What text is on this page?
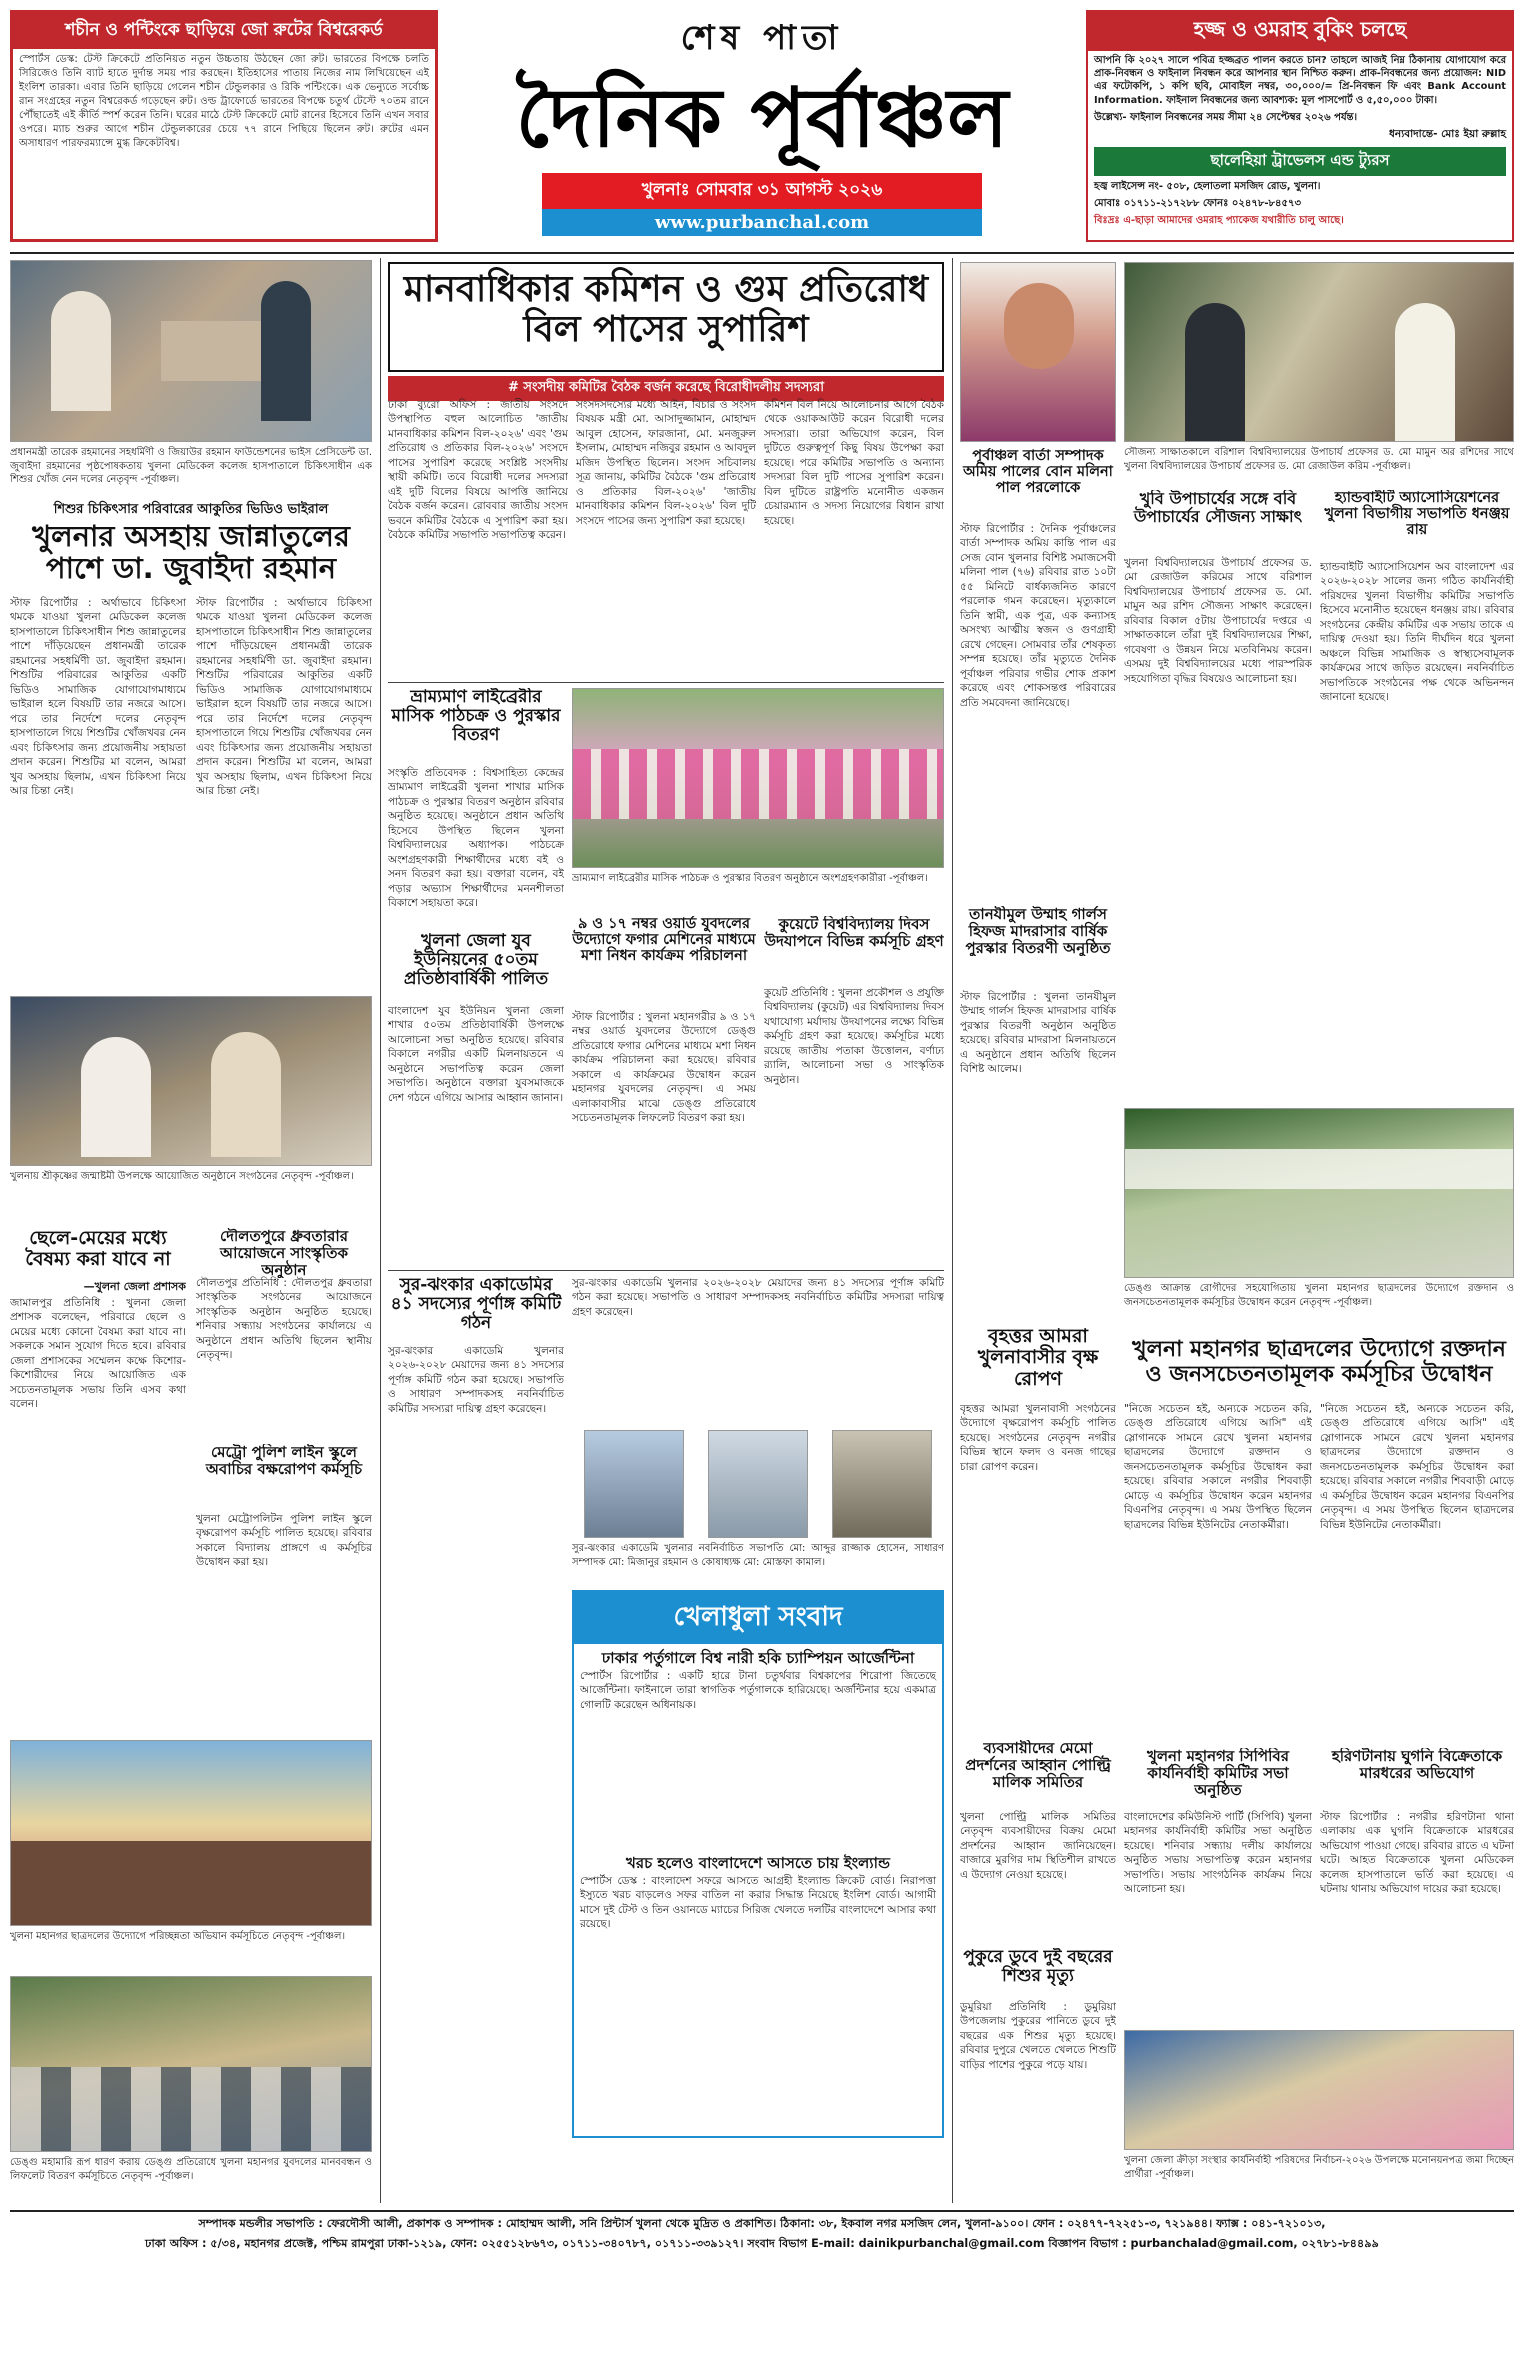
শচীন ও পন্টিংকে ছাড়িয়ে জো রুটের বিশ্বরেকর্ড
স্পোর্টস ডেস্ক: টেস্ট ক্রিকেটে প্রতিনিয়ত নতুন উচ্চতায় উঠছেন জো রুট। ভারতের বিপক্ষে চলতি সিরিজেও তিনি ব্যাট হাতে দুর্দান্ত সময় পার করছেন। ইতিহাসের পাতায় নিজের নাম লিখিয়েছেন এই ইংলিশ তারকা। এবার তিনি ছাড়িয়ে গেলেন শচীন টেন্ডুলকার ও রিকি পন্টিংকে। এক ভেন্যুতে সর্বোচ্চ রান সংগ্রহের নতুন বিশ্বরেকর্ড গড়েছেন রুট। ওল্ড ট্রাফোর্ডে ভারতের বিপক্ষে চতুর্থ টেস্টে ৭০তম রানে পৌঁছাতেই এই কীর্তি স্পর্শ করেন তিনি। ঘরের মাঠে টেস্ট ক্রিকেটে মোট রানের হিসেবে তিনি এখন সবার ওপরে। ম্যাচ শুরুর আগে শচীন টেন্ডুলকারের চেয়ে ৭৭ রানে পিছিয়ে ছিলেন রুট। রুটের এমন অসাধারণ পারফরম্যান্সে মুগ্ধ ক্রিকেটবিশ্ব।
শেষ পাতা
দৈনিক পূর্বাঞ্চল
খুলনাঃ সোমবার ৩১ আগস্ট ২০২৬
www.purbanchal.com
হজ্জ ও ওমরাহ বুকিং চলছে
আপনি কি ২০২৭ সালে পবিত্র হজ্জব্রত পালন করতে চান? তাহলে আজই নিম্ন ঠিকানায় যোগাযোগ করে প্রাক-নিবন্ধন ও ফাইনাল নিবন্ধন করে আপনার স্থান নিশ্চিত করুন। প্রাক-নিবন্ধনের জন্য প্রয়োজন: NID এর ফটোকপি, ১ কপি ছবি, মোবাইল নম্বর, ৩০,০০০/= প্রি-নিবন্ধন ফি এবং Bank Account Information. ফাইনাল নিবন্ধনের জন্য আবশ্যক: মূল পাসপোর্ট ও ৫,৫০,০০০ টাকা।
উল্লেখ্য- ফাইনাল নিবন্ধনের সময় সীমা ২৪ সেপ্টেম্বর ২০২৬ পর্যন্ত।
ধন্যবাদান্তে- মোঃ ইয়া রুল্লাহ
ছালেহিয়া ট্রাভেলস এন্ড ট্যুরস
হজ্ব লাইসেন্স নং- ৫০৮, হেলাতলা মসজিদ রোড, খুলনা।
মোবাঃ ০১৭১১-২১৭২৮৮ ফোনঃ ০২৪৭৮-৮৪৫৭৩
বিঃদ্রঃ এ-ছাড়া আমাদের ওমরাহ প্যাকেজ যথারীতি চালু আছে।
প্রধানমন্ত্রী তারেক রহমানের সহধর্মিণী ও জিয়াউর রহমান ফাউন্ডেশনের ভাইস প্রেসিডেন্ট ডা. জুবাইদা রহমানের পৃষ্ঠপোষকতায় খুলনা মেডিকেল কলেজ হাসপাতালে চিকিৎসাধীন এক শিশুর খোঁজ নেন দলের নেতৃবৃন্দ -পূর্বাঞ্চল।
শিশুর চিকিৎসার পরিবারের আকুতির ভিডিও ভাইরাল
খুলনার অসহায় জান্নাতুলের পাশে ডা. জুবাইদা রহমান
স্টাফ রিপোর্টার : অর্থাভাবে চিকিৎসা থমকে যাওয়া খুলনা মেডিকেল কলেজ হাসপাতালে চিকিৎসাধীন শিশু জান্নাতুলের পাশে দাঁড়িয়েছেন প্রধানমন্ত্রী তারেক রহমানের সহধর্মিণী ডা. জুবাইদা রহমান। শিশুটির পরিবারের আকুতির একটি ভিডিও সামাজিক যোগাযোগমাধ্যমে ভাইরাল হলে বিষয়টি তার নজরে আসে। পরে তার নির্দেশে দলের নেতৃবৃন্দ হাসপাতালে গিয়ে শিশুটির খোঁজখবর নেন এবং চিকিৎসার জন্য প্রয়োজনীয় সহায়তা প্রদান করেন। শিশুটির মা বলেন, আমরা খুব অসহায় ছিলাম, এখন চিকিৎসা নিয়ে আর চিন্তা নেই।
স্টাফ রিপোর্টার : অর্থাভাবে চিকিৎসা থমকে যাওয়া খুলনা মেডিকেল কলেজ হাসপাতালে চিকিৎসাধীন শিশু জান্নাতুলের পাশে দাঁড়িয়েছেন প্রধানমন্ত্রী তারেক রহমানের সহধর্মিণী ডা. জুবাইদা রহমান। শিশুটির পরিবারের আকুতির একটি ভিডিও সামাজিক যোগাযোগমাধ্যমে ভাইরাল হলে বিষয়টি তার নজরে আসে। পরে তার নির্দেশে দলের নেতৃবৃন্দ হাসপাতালে গিয়ে শিশুটির খোঁজখবর নেন এবং চিকিৎসার জন্য প্রয়োজনীয় সহায়তা প্রদান করেন। শিশুটির মা বলেন, আমরা খুব অসহায় ছিলাম, এখন চিকিৎসা নিয়ে আর চিন্তা নেই।
খুলনায় শ্রীকৃষ্ণের জন্মাষ্টমী উপলক্ষে আয়োজিত অনুষ্ঠানে সংগঠনের নেতৃবৃন্দ -পূর্বাঞ্চল।
ছেলে-মেয়ের মধ্যে বৈষম্য করা যাবে না
—খুলনা জেলা প্রশাসক
জামালপুর প্রতিনিধি : খুলনা জেলা প্রশাসক বলেছেন, পরিবারে ছেলে ও মেয়ের মধ্যে কোনো বৈষম্য করা যাবে না। সকলকে সমান সুযোগ দিতে হবে। রবিবার জেলা প্রশাসকের সম্মেলন কক্ষে কিশোর-কিশোরীদের নিয়ে আয়োজিত এক সচেতনতামূলক সভায় তিনি এসব কথা বলেন।
দৌলতপুরে ধ্রুবতারার আয়োজনে সাংস্কৃতিক অনুষ্ঠান
দৌলতপুর প্রতিনিধি : দৌলতপুর ধ্রুবতারা সাংস্কৃতিক সংগঠনের আয়োজনে সাংস্কৃতিক অনুষ্ঠান অনুষ্ঠিত হয়েছে। শনিবার সন্ধ্যায় সংগঠনের কার্যালয়ে এ অনুষ্ঠানে প্রধান অতিথি ছিলেন স্থানীয় নেতৃবৃন্দ।
মেট্রো পুলিশ লাইন স্কুলে অবাচির বক্ষরোপণ কর্মসূচি
খুলনা মেট্রোপলিটন পুলিশ লাইন স্কুলে বৃক্ষরোপণ কর্মসূচি পালিত হয়েছে। রবিবার সকালে বিদ্যালয় প্রাঙ্গণে এ কর্মসূচির উদ্বোধন করা হয়।
খুলনা মহানগর ছাত্রদলের উদ্যোগে পরিচ্ছন্নতা অভিযান কর্মসূচিতে নেতৃবৃন্দ -পূর্বাঞ্চল।
ডেঙ্গু মহামারি রূপ ধারণ করায় ডেঙ্গু প্রতিরোধে খুলনা মহানগর যুবদলের মানববন্ধন ও লিফলেট বিতরণ কর্মসূচিতে নেতৃবৃন্দ -পূর্বাঞ্চল।
মানবাধিকার কমিশন ও গুম প্রতিরোধ বিল পাসের সুপারিশ
# সংসদীয় কমিটির বৈঠক বর্জন করেছে বিরোধীদলীয় সদস্যরা
ঢাকা ব্যুরো অফিস : জাতীয় সংসদে উপস্থাপিত বহুল আলোচিত 'জাতীয় মানবাধিকার কমিশন বিল-২০২৬' এবং 'গুম প্রতিরোধ ও প্রতিকার বিল-২০২৬' সংসদে পাসের সুপারিশ করেছে সংশ্লিষ্ট সংসদীয় স্থায়ী কমিটি। তবে বিরোধী দলের সদস্যরা এই দুটি বিলের বিষয়ে আপত্তি জানিয়ে বৈঠক বর্জন করেন। রোববার জাতীয় সংসদ ভবনে কমিটির বৈঠকে এ সুপারিশ করা হয়। বৈঠকে কমিটির সভাপতি সভাপতিত্ব করেন।
সংসদসদস্যের মধ্যে আইন, বিচার ও সংসদ বিষয়ক মন্ত্রী মো. আসাদুজ্জামান, মোহাম্মদ আবুল হোসেন, ফারজানা, মো. মনজুরুল ইসলাম, মোহাম্মদ নজিবুর রহমান ও আবদুল মজিদ উপস্থিত ছিলেন। সংসদ সচিবালয় সূত্র জানায়, কমিটির বৈঠকে 'গুম প্রতিরোধ ও প্রতিকার বিল-২০২৬' 'জাতীয় মানবাধিকার কমিশন বিল-২০২৬' বিল দুটি সংসদে পাসের জন্য সুপারিশ করা হয়েছে।
কমিশন বিল নিয়ে আলোচনার আগে বৈঠক থেকে ওয়াকআউট করেন বিরোধী দলের সদস্যরা। তারা অভিযোগ করেন, বিল দুটিতে গুরুত্বপূর্ণ কিছু বিষয় উপেক্ষা করা হয়েছে। পরে কমিটির সভাপতি ও অন্যান্য সদস্যরা বিল দুটি পাসের সুপারিশ করেন। বিল দুটিতে রাষ্ট্রপতি মনোনীত একজন চেয়ারম্যান ও সদস্য নিয়োগের বিধান রাখা হয়েছে।
ভ্রাম্যমাণ লাইব্রেরীর মাসিক পাঠচক্র ও পুরস্কার বিতরণ
সংস্কৃতি প্রতিবেদক : বিশ্বসাহিত্য কেন্দ্রের ভ্রাম্যমাণ লাইব্রেরী খুলনা শাখার মাসিক পাঠচক্র ও পুরস্কার বিতরণ অনুষ্ঠান রবিবার অনুষ্ঠিত হয়েছে। অনুষ্ঠানে প্রধান অতিথি হিসেবে উপস্থিত ছিলেন খুলনা বিশ্ববিদ্যালয়ের অধ্যাপক। পাঠচক্রে অংশগ্রহণকারী শিক্ষার্থীদের মধ্যে বই ও সনদ বিতরণ করা হয়। বক্তারা বলেন, বই পড়ার অভ্যাস শিক্ষার্থীদের মননশীলতা বিকাশে সহায়তা করে।
খুলনা জেলা যুব ইউনিয়নের ৫০তম প্রতিষ্ঠাবার্ষিকী পালিত
বাংলাদেশ যুব ইউনিয়ন খুলনা জেলা শাখার ৫০তম প্রতিষ্ঠাবার্ষিকী উপলক্ষে আলোচনা সভা অনুষ্ঠিত হয়েছে। রবিবার বিকালে নগরীর একটি মিলনায়তনে এ অনুষ্ঠানে সভাপতিত্ব করেন জেলা সভাপতি। অনুষ্ঠানে বক্তারা যুবসমাজকে দেশ গঠনে এগিয়ে আসার আহ্বান জানান।
ভ্রাম্যমাণ লাইব্রেরীর মাসিক পাঠচক্র ও পুরস্কার বিতরণ অনুষ্ঠানে অংশগ্রহণকারীরা -পূর্বাঞ্চল।
৯ ও ১৭ নম্বর ওয়ার্ড যুবদলের উদ্যোগে ফগার মেশিনের মাধ্যমে মশা নিধন কার্যক্রম পরিচালনা
স্টাফ রিপোর্টার : খুলনা মহানগরীর ৯ ও ১৭ নম্বর ওয়ার্ড যুবদলের উদ্যোগে ডেঙ্গু প্রতিরোধে ফগার মেশিনের মাধ্যমে মশা নিধন কার্যক্রম পরিচালনা করা হয়েছে। রবিবার সকালে এ কার্যক্রমের উদ্বোধন করেন মহানগর যুবদলের নেতৃবৃন্দ। এ সময় এলাকাবাসীর মাঝে ডেঙ্গু প্রতিরোধে সচেতনতামূলক লিফলেট বিতরণ করা হয়।
কুয়েটে বিশ্ববিদ্যালয় দিবস উদযাপনে বিভিন্ন কর্মসূচি গ্রহণ
কুয়েট প্রতিনিধি : খুলনা প্রকৌশল ও প্রযুক্তি বিশ্ববিদ্যালয় (কুয়েট) এর বিশ্ববিদ্যালয় দিবস যথাযোগ্য মর্যাদায় উদযাপনের লক্ষ্যে বিভিন্ন কর্মসূচি গ্রহণ করা হয়েছে। কর্মসূচির মধ্যে রয়েছে জাতীয় পতাকা উত্তোলন, বর্ণাঢ্য র‍্যালি, আলোচনা সভা ও সাংস্কৃতিক অনুষ্ঠান।
সুর-ঝংকার একাডেমির ৪১ সদস্যের পূর্ণাঙ্গ কমিটি গঠন
সুর-ঝংকার একাডেমি খুলনার ২০২৬-২০২৮ মেয়াদের জন্য ৪১ সদস্যের পূর্ণাঙ্গ কমিটি গঠন করা হয়েছে। সভাপতি ও সাধারণ সম্পাদকসহ নবনির্বাচিত কমিটির সদস্যরা দায়িত্ব গ্রহণ করেছেন।
সুর-ঝংকার একাডেমি খুলনার ২০২৬-২০২৮ মেয়াদের জন্য ৪১ সদস্যের পূর্ণাঙ্গ কমিটি গঠন করা হয়েছে। সভাপতি ও সাধারণ সম্পাদকসহ নবনির্বাচিত কমিটির সদস্যরা দায়িত্ব গ্রহণ করেছেন।
সুর-ঝংকার একাডেমি খুলনার নবনির্বাচিত সভাপতি মো: আব্দুর রাজ্জাক হোসেন, সাধারণ সম্পাদক মো: মিজানুর রহমান ও কোষাধ্যক্ষ মো: মোস্তফা কামাল।
খেলাধুলা সংবাদ
ঢাকার পর্তুগালে বিশ্ব নারী হকি চ্যাম্পিয়ন আর্জেন্টিনা
স্পোর্টস রিপোর্টার : একটি হারে টানা চতুর্থবার বিশ্বকাপের শিরোপা জিতেছে আর্জেন্টিনা। ফাইনালে তারা স্বাগতিক পর্তুগালকে হারিয়েছে। অর্জন্টিনার হয়ে একমাত্র গোলটি করেছেন অধিনায়ক।
খরচ হলেও বাংলাদেশে আসতে চায় ইংল্যান্ড
স্পোর্টস ডেস্ক : বাংলাদেশ সফরে আসতে আগ্রহী ইংল্যান্ড ক্রিকেট বোর্ড। নিরাপত্তা ইস্যুতে খরচ বাড়লেও সফর বাতিল না করার সিদ্ধান্ত নিয়েছে ইংলিশ বোর্ড। আগামী মাসে দুই টেস্ট ও তিন ওয়ানডে ম্যাচের সিরিজ খেলতে দলটির বাংলাদেশে আসার কথা রয়েছে।
পূর্বাঞ্চল বার্তা সম্পাদক অমিয় পালের বোন মলিনা পাল পরলোকে
স্টাফ রিপোর্টার : দৈনিক পূর্বাঞ্চলের বার্তা সম্পাদক অমিয় কান্তি পাল এর সেজ বোন খুলনার বিশিষ্ট সমাজসেবী মলিনা পাল (৭৬) রবিবার রাত ১০টা ৫৫ মিনিটে বার্ধক্যজনিত কারণে পরলোক গমন করেছেন। মৃত্যুকালে তিনি স্বামী, এক পুত্র, এক কন্যাসহ অসংখ্য আত্মীয় স্বজন ও গুণগ্রাহী রেখে গেছেন। সোমবার তাঁর শেষকৃত্য সম্পন্ন হয়েছে। তাঁর মৃত্যুতে দৈনিক পূর্বাঞ্চল পরিবার গভীর শোক প্রকাশ করেছে এবং শোকসন্তপ্ত পরিবারের প্রতি সমবেদনা জানিয়েছে।
সৌজন্য সাক্ষাতকালে বরিশাল বিশ্ববিদ্যালয়ের উপাচার্য প্রফেসর ড. মো মামুন অর রশিদের সাথে খুলনা বিশ্ববিদ্যালয়ের উপাচার্য প্রফেসর ড. মো রেজাউল করিম -পূর্বাঞ্চল।
খুবি উপাচার্যের সঙ্গে ববি উপাচার্যের সৌজন্য সাক্ষাৎ
খুলনা বিশ্ববিদ্যালয়ের উপাচার্য প্রফেসর ড. মো রেজাউল করিমের সাথে বরিশাল বিশ্ববিদ্যালয়ের উপাচার্য প্রফেসর ড. মো. মামুন অর রশিদ সৌজন্য সাক্ষাৎ করেছেন। রবিবার বিকাল ৫টায় উপাচার্যের দপ্তরে এ সাক্ষাতকালে তাঁরা দুই বিশ্ববিদ্যালয়ের শিক্ষা, গবেষণা ও উন্নয়ন নিয়ে মতবিনিময় করেন। এসময় দুই বিশ্ববিদ্যালয়ের মধ্যে পারস্পরিক সহযোগিতা বৃদ্ধির বিষয়েও আলোচনা হয়।
হ্যান্ডবাইটি অ্যাসোসিয়েশনের খুলনা বিভাগীয় সভাপতি ধনঞ্জয় রায়
হ্যান্ডবাইটি অ্যাসোসিয়েশন অব বাংলাদেশ এর ২০২৬-২০২৮ সালের জন্য গঠিত কার্যনির্বাহী পরিষদের খুলনা বিভাগীয় কমিটির সভাপতি হিসেবে মনোনীত হয়েছেন ধনঞ্জয় রায়। রবিবার সংগঠনের কেন্দ্রীয় কমিটির এক সভায় তাকে এ দায়িত্ব দেওয়া হয়। তিনি দীর্ঘদিন ধরে খুলনা অঞ্চলে বিভিন্ন সামাজিক ও স্বাস্থ্যসেবামূলক কার্যক্রমের সাথে জড়িত রয়েছেন। নবনির্বাচিত সভাপতিকে সংগঠনের পক্ষ থেকে অভিনন্দন জানানো হয়েছে।
তানযীমুল উম্মাহ গার্লস হিফজ মাদরাসার বার্ষিক পুরস্কার বিতরণী অনুষ্ঠিত
স্টাফ রিপোর্টার : খুলনা তানযীমুল উম্মাহ গার্লস হিফজ মাদরাসার বার্ষিক পুরস্কার বিতরণী অনুষ্ঠান অনুষ্ঠিত হয়েছে। রবিবার মাদরাসা মিলনায়তনে এ অনুষ্ঠানে প্রধান অতিথি ছিলেন বিশিষ্ট আলেম।
ডেঙ্গু আক্রান্ত রোগীদের সহযোগিতায় খুলনা মহানগর ছাত্রদলের উদ্যোগে রক্তদান ও জনসচেতনতামূলক কর্মসূচির উদ্বোধন করেন নেতৃবৃন্দ -পূর্বাঞ্চল।
খুলনা মহানগর ছাত্রদলের উদ্যোগে রক্তদান ও জনসচেতনতামূলক কর্মসূচির উদ্বোধন
"নিজে সচেতন হই, অন্যকে সচেতন করি, ডেঙ্গু প্রতিরোধে এগিয়ে আসি" এই স্লোগানকে সামনে রেখে খুলনা মহানগর ছাত্রদলের উদ্যোগে রক্তদান ও জনসচেতনতামূলক কর্মসূচির উদ্বোধন করা হয়েছে। রবিবার সকালে নগরীর শিববাড়ী মোড়ে এ কর্মসূচির উদ্বোধন করেন মহানগর বিএনপির নেতৃবৃন্দ। এ সময় উপস্থিত ছিলেন ছাত্রদলের বিভিন্ন ইউনিটের নেতাকর্মীরা।
"নিজে সচেতন হই, অন্যকে সচেতন করি, ডেঙ্গু প্রতিরোধে এগিয়ে আসি" এই স্লোগানকে সামনে রেখে খুলনা মহানগর ছাত্রদলের উদ্যোগে রক্তদান ও জনসচেতনতামূলক কর্মসূচির উদ্বোধন করা হয়েছে। রবিবার সকালে নগরীর শিববাড়ী মোড়ে এ কর্মসূচির উদ্বোধন করেন মহানগর বিএনপির নেতৃবৃন্দ। এ সময় উপস্থিত ছিলেন ছাত্রদলের বিভিন্ন ইউনিটের নেতাকর্মীরা।
বৃহত্তর আমরা খুলনাবাসীর বৃক্ষ রোপণ
বৃহত্তর আমরা খুলনাবাসী সংগঠনের উদ্যোগে বৃক্ষরোপণ কর্মসূচি পালিত হয়েছে। সংগঠনের নেতৃবৃন্দ নগরীর বিভিন্ন স্থানে ফলদ ও বনজ গাছের চারা রোপণ করেন।
ব্যবসায়ীদের মেমো প্রদর্শনের আহ্বান পোল্ট্রি মালিক সমিতির
খুলনা পোল্ট্রি মালিক সমিতির নেতৃবৃন্দ ব্যবসায়ীদের বিক্রয় মেমো প্রদর্শনের আহ্বান জানিয়েছেন। বাজারে মুরগির দাম স্থিতিশীল রাখতে এ উদ্যোগ নেওয়া হয়েছে।
পুকুরে ডুবে দুই বছরের শিশুর মৃত্যু
ডুমুরিয়া প্রতিনিধি : ডুমুরিয়া উপজেলায় পুকুরের পানিতে ডুবে দুই বছরের এক শিশুর মৃত্যু হয়েছে। রবিবার দুপুরে খেলতে খেলতে শিশুটি বাড়ির পাশের পুকুরে পড়ে যায়।
খুলনা মহানগর সিপিবির কার্যনির্বাহী কমিটির সভা অনুষ্ঠিত
বাংলাদেশের কমিউনিস্ট পার্টি (সিপিবি) খুলনা মহানগর কার্যনির্বাহী কমিটির সভা অনুষ্ঠিত হয়েছে। শনিবার সন্ধ্যায় দলীয় কার্যালয়ে অনুষ্ঠিত সভায় সভাপতিত্ব করেন মহানগর সভাপতি। সভায় সাংগঠনিক কার্যক্রম নিয়ে আলোচনা হয়।
হরিণটানায় ঘুগনি বিক্রেতাকে মারধরের অভিযোগ
স্টাফ রিপোর্টার : নগরীর হরিণটানা থানা এলাকায় এক ঘুগনি বিক্রেতাকে মারধরের অভিযোগ পাওয়া গেছে। রবিবার রাতে এ ঘটনা ঘটে। আহত বিক্রেতাকে খুলনা মেডিকেল কলেজ হাসপাতালে ভর্তি করা হয়েছে। এ ঘটনায় থানায় অভিযোগ দায়ের করা হয়েছে।
খুলনা জেলা ক্রীড়া সংস্থার কার্যনির্বাহী পরিষদের নির্বাচন-২০২৬ উপলক্ষে মনোনয়নপত্র জমা দিচ্ছেন প্রার্থীরা -পূর্বাঞ্চল।
সম্পাদক মন্ডলীর সভাপতি : ফেরদৌসী আলী, প্রকাশক ও সম্পাদক : মোহাম্মদ আলী, সনি প্রিন্টার্স খুলনা থেকে মুদ্রিত ও প্রকাশিত। ঠিকানা: ৩৮, ইকবাল নগর মসজিদ লেন, খুলনা-৯১০০। ফোন : ০২৪৭৭-৭২২৫১-৩, ৭২১৯৪৪। ফ্যাক্স : ০৪১-৭২১০১৩,
ঢাকা অফিস : ৫/৩৪, মহানগর প্রজেক্ট, পশ্চিম রামপুরা ঢাকা-১২১৯, ফোন: ০২৫৫১২৮৬৭৩, ০১৭১১-৩৪০৭৮৭, ০১৭১১-৩৩৯১২৭। সংবাদ বিভাগ E-mail: dainikpurbanchal@gmail.com বিজ্ঞাপন বিভাগ : purbanchalad@gmail.com, ০২৭৮১-৮৪৪৯৯
